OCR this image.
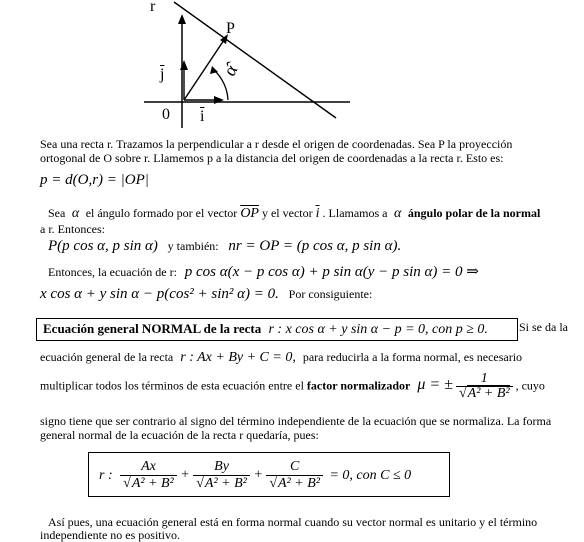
r
P
α̂
$\overline{j}$
$\overline{i}$
0
Sea una recta r. Trazamos la perpendicular a r desde el origen de coordenadas. Sea P la proyección
ortogonal de O sobre r. Llamemos p a la distancia del origen de coordenadas a la recta r. Esto es:
p = d(O,r) = |OP|
Sea  α  el ángulo formado por el vector $\overline{OP}$ y el vector $\overline{i}$ . Llamamos a  α  ángulo polar de la normal
a r. Entonces:
P(p cos α, p sin α) y también: nr = OP = (p cos α, p sin α).
Entonces, la ecuación de r: p cos α(x − p cos α) + p sin α(y − p sin α) = 0 ⇒
x cos α + y sin α − p(cos² + sin² α) = 0. Por consiguiente:
Ecuación general NORMAL de la recta r : x cos α + y sin α − p = 0, con p ≥ 0.	Si se da la
ecuación general de la recta r : Ax + By + C = 0, para reducirla a la forma normal, es necesario
multiplicar todos los términos de esta ecuación entre el factor normalizador μ = ± $\frac{1}{\text{√A² + B²}}$ , cuyo
signo tiene que ser contrario al signo del término independiente de la ecuación que se normaliza. La forma
general normal de la ecuación de la recta r quedaría, pues:
r : $\frac{Ax}{\text{√A² + B²}} + \frac{By}{\text{√A² + B²}} + \frac{C}{\text{√A² + B²}} = 0$, con C ≤ 0
Así pues, una ecuación general está en forma normal cuando su vector normal es unitario y el término
independiente no es positivo.
